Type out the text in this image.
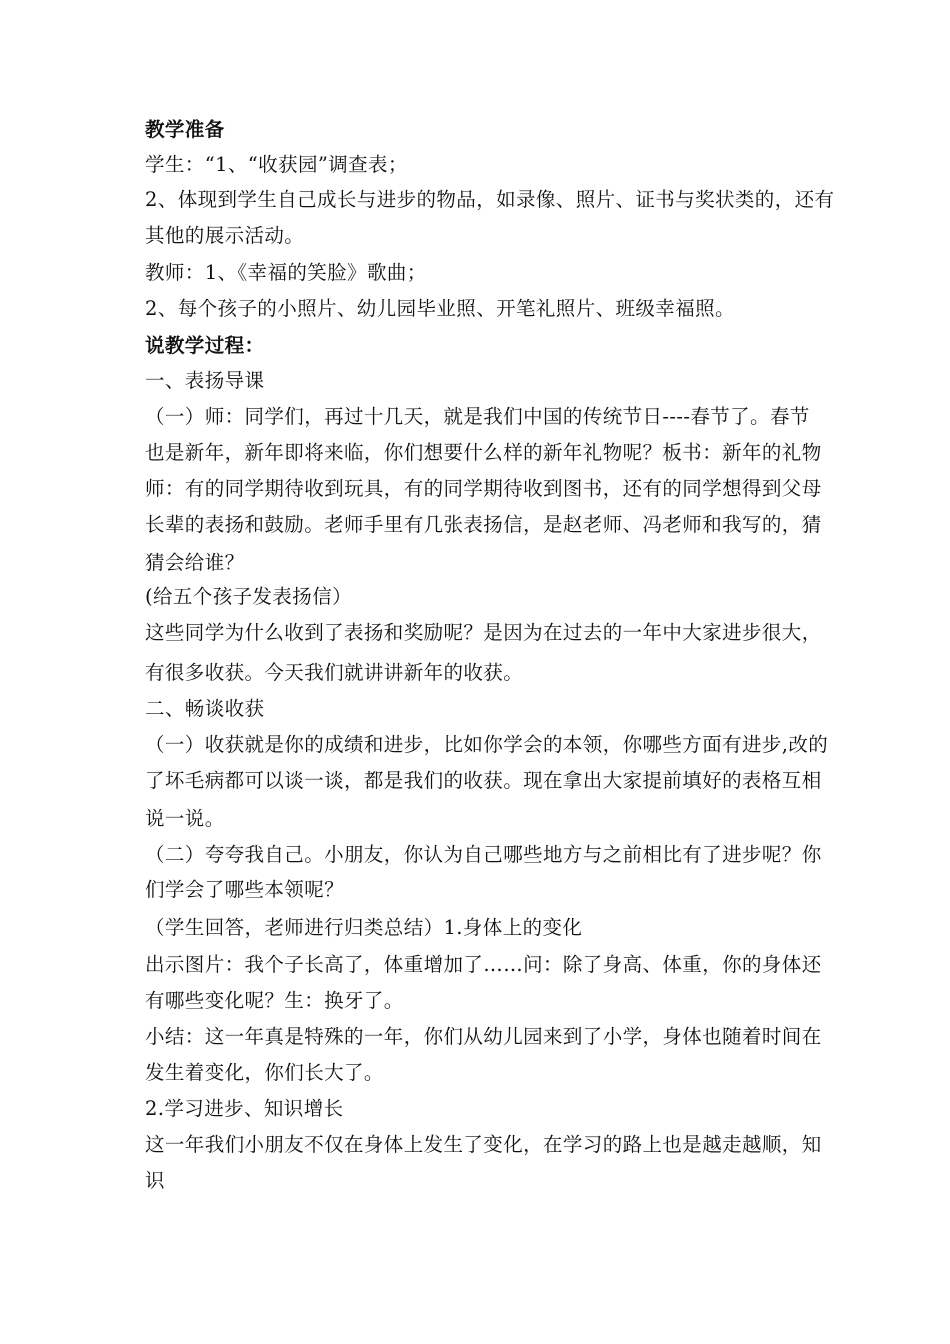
教学准备
学生：“1、“收获园”调查表；
2、体现到学生自己成长与进步的物品，如录像、照片、证书与奖状类的，还有
其他的展示活动。
教师：1、《幸福的笑脸》歌曲；
2、每个孩子的小照片、幼儿园毕业照、开笔礼照片、班级幸福照。
说教学过程：
一、表扬导课
（一）师：同学们，再过十几天，就是我们中国的传统节日----春节了。春节
也是新年，新年即将来临，你们想要什么样的新年礼物呢？板书：新年的礼物
师：有的同学期待收到玩具，有的同学期待收到图书，还有的同学想得到父母
长辈的表扬和鼓励。老师手里有几张表扬信，是赵老师、冯老师和我写的，猜
猜会给谁？
(给五个孩子发表扬信）
这些同学为什么收到了表扬和奖励呢？是因为在过去的一年中大家进步很大，
有很多收获。今天我们就讲讲新年的收获。
二、畅谈收获
（一）收获就是你的成绩和进步，比如你学会的本领，你哪些方面有进步,改的
了坏毛病都可以谈一谈，都是我们的收获。现在拿出大家提前填好的表格互相
说一说。
（二）夸夸我自己。小朋友，你认为自己哪些地方与之前相比有了进步呢？你
们学会了哪些本领呢？
（学生回答，老师进行归类总结）1.身体上的变化
出示图片：我个子长高了，体重增加了……问：除了身高、体重，你的身体还
有哪些变化呢？生：换牙了。
小结：这一年真是特殊的一年，你们从幼儿园来到了小学，身体也随着时间在
发生着变化，你们长大了。
2.学习进步、知识增长
这一年我们小朋友不仅在身体上发生了变化，在学习的路上也是越走越顺，知
识
